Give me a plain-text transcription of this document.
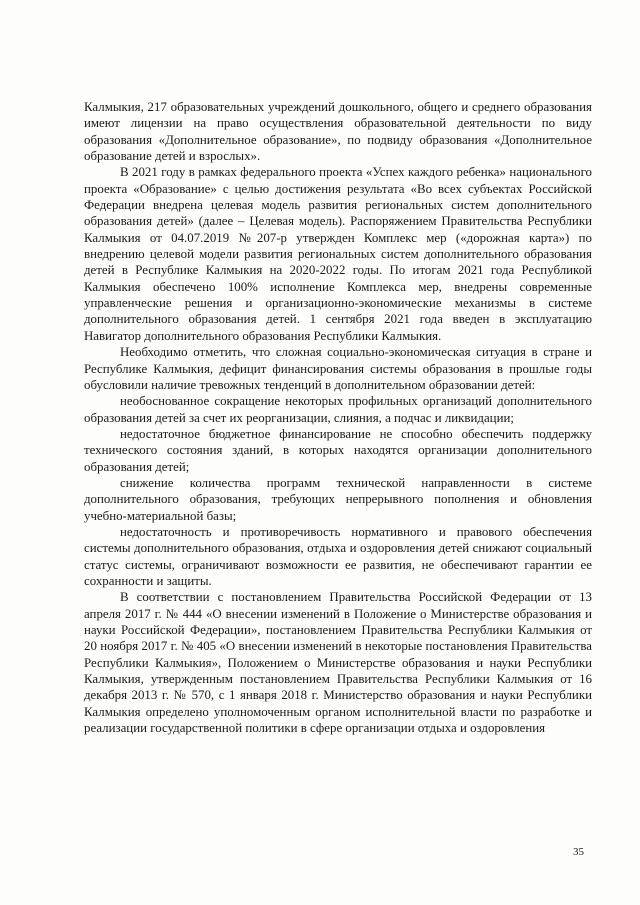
Калмыкия, 217 образовательных учреждений дошкольного, общего и среднего образования имеют лицензии на право осуществления образовательной деятельности по виду образования «Дополнительное образование», по подвиду образования «Дополнительное образование детей и взрослых».

В 2021 году в рамках федерального проекта «Успех каждого ребенка» национального проекта «Образование» с целью достижения результата «Во всех субъектах Российской Федерации внедрена целевая модель развития региональных систем дополнительного образования детей» (далее – Целевая модель). Распоряжением Правительства Республики Калмыкия от 04.07.2019 №207-р утвержден Комплекс мер («дорожная карта») по внедрению целевой модели развития региональных систем дополнительного образования детей в Республике Калмыкия на 2020-2022 годы. По итогам 2021 года Республикой Калмыкия обеспечено 100% исполнение Комплекса мер, внедрены современные управленческие решения и организационно-экономические механизмы в системе дополнительного образования детей. 1 сентября 2021 года введен в эксплуатацию Навигатор дополнительного образования Республики Калмыкия.

Необходимо отметить, что сложная социально-экономическая ситуация в стране и Республике Калмыкия, дефицит финансирования системы образования в прошлые годы обусловили наличие тревожных тенденций в дополнительном образовании детей:

необоснованное сокращение некоторых профильных организаций дополнительного образования детей за счет их реорганизации, слияния, а подчас и ликвидации;

недостаточное бюджетное финансирование не способно обеспечить поддержку технического состояния зданий, в которых находятся организации дополнительного образования детей;

снижение количества программ технической направленности в системе дополнительного образования, требующих непрерывного пополнения и обновления учебно-материальной базы;

недостаточность и противоречивость нормативного и правового обеспечения системы дополнительного образования, отдыха и оздоровления детей снижают социальный статус системы, ограничивают возможности ее развития, не обеспечивают гарантии ее сохранности и защиты.

В соответствии с постановлением Правительства Российской Федерации от 13 апреля 2017 г. № 444 «О внесении изменений в Положение о Министерстве образования и науки Российской Федерации», постановлением Правительства Республики Калмыкия от 20 ноября 2017 г. № 405 «О внесении изменений в некоторые постановления Правительства Республики Калмыкия», Положением о Министерстве образования и науки Республики Калмыкия, утвержденным постановлением Правительства Республики Калмыкия от 16 декабря 2013 г. № 570, с 1 января 2018 г. Министерство образования и науки Республики Калмыкия определено уполномоченным органом исполнительной власти по разработке и реализации государственной политики в сфере организации отдыха и оздоровления

35
